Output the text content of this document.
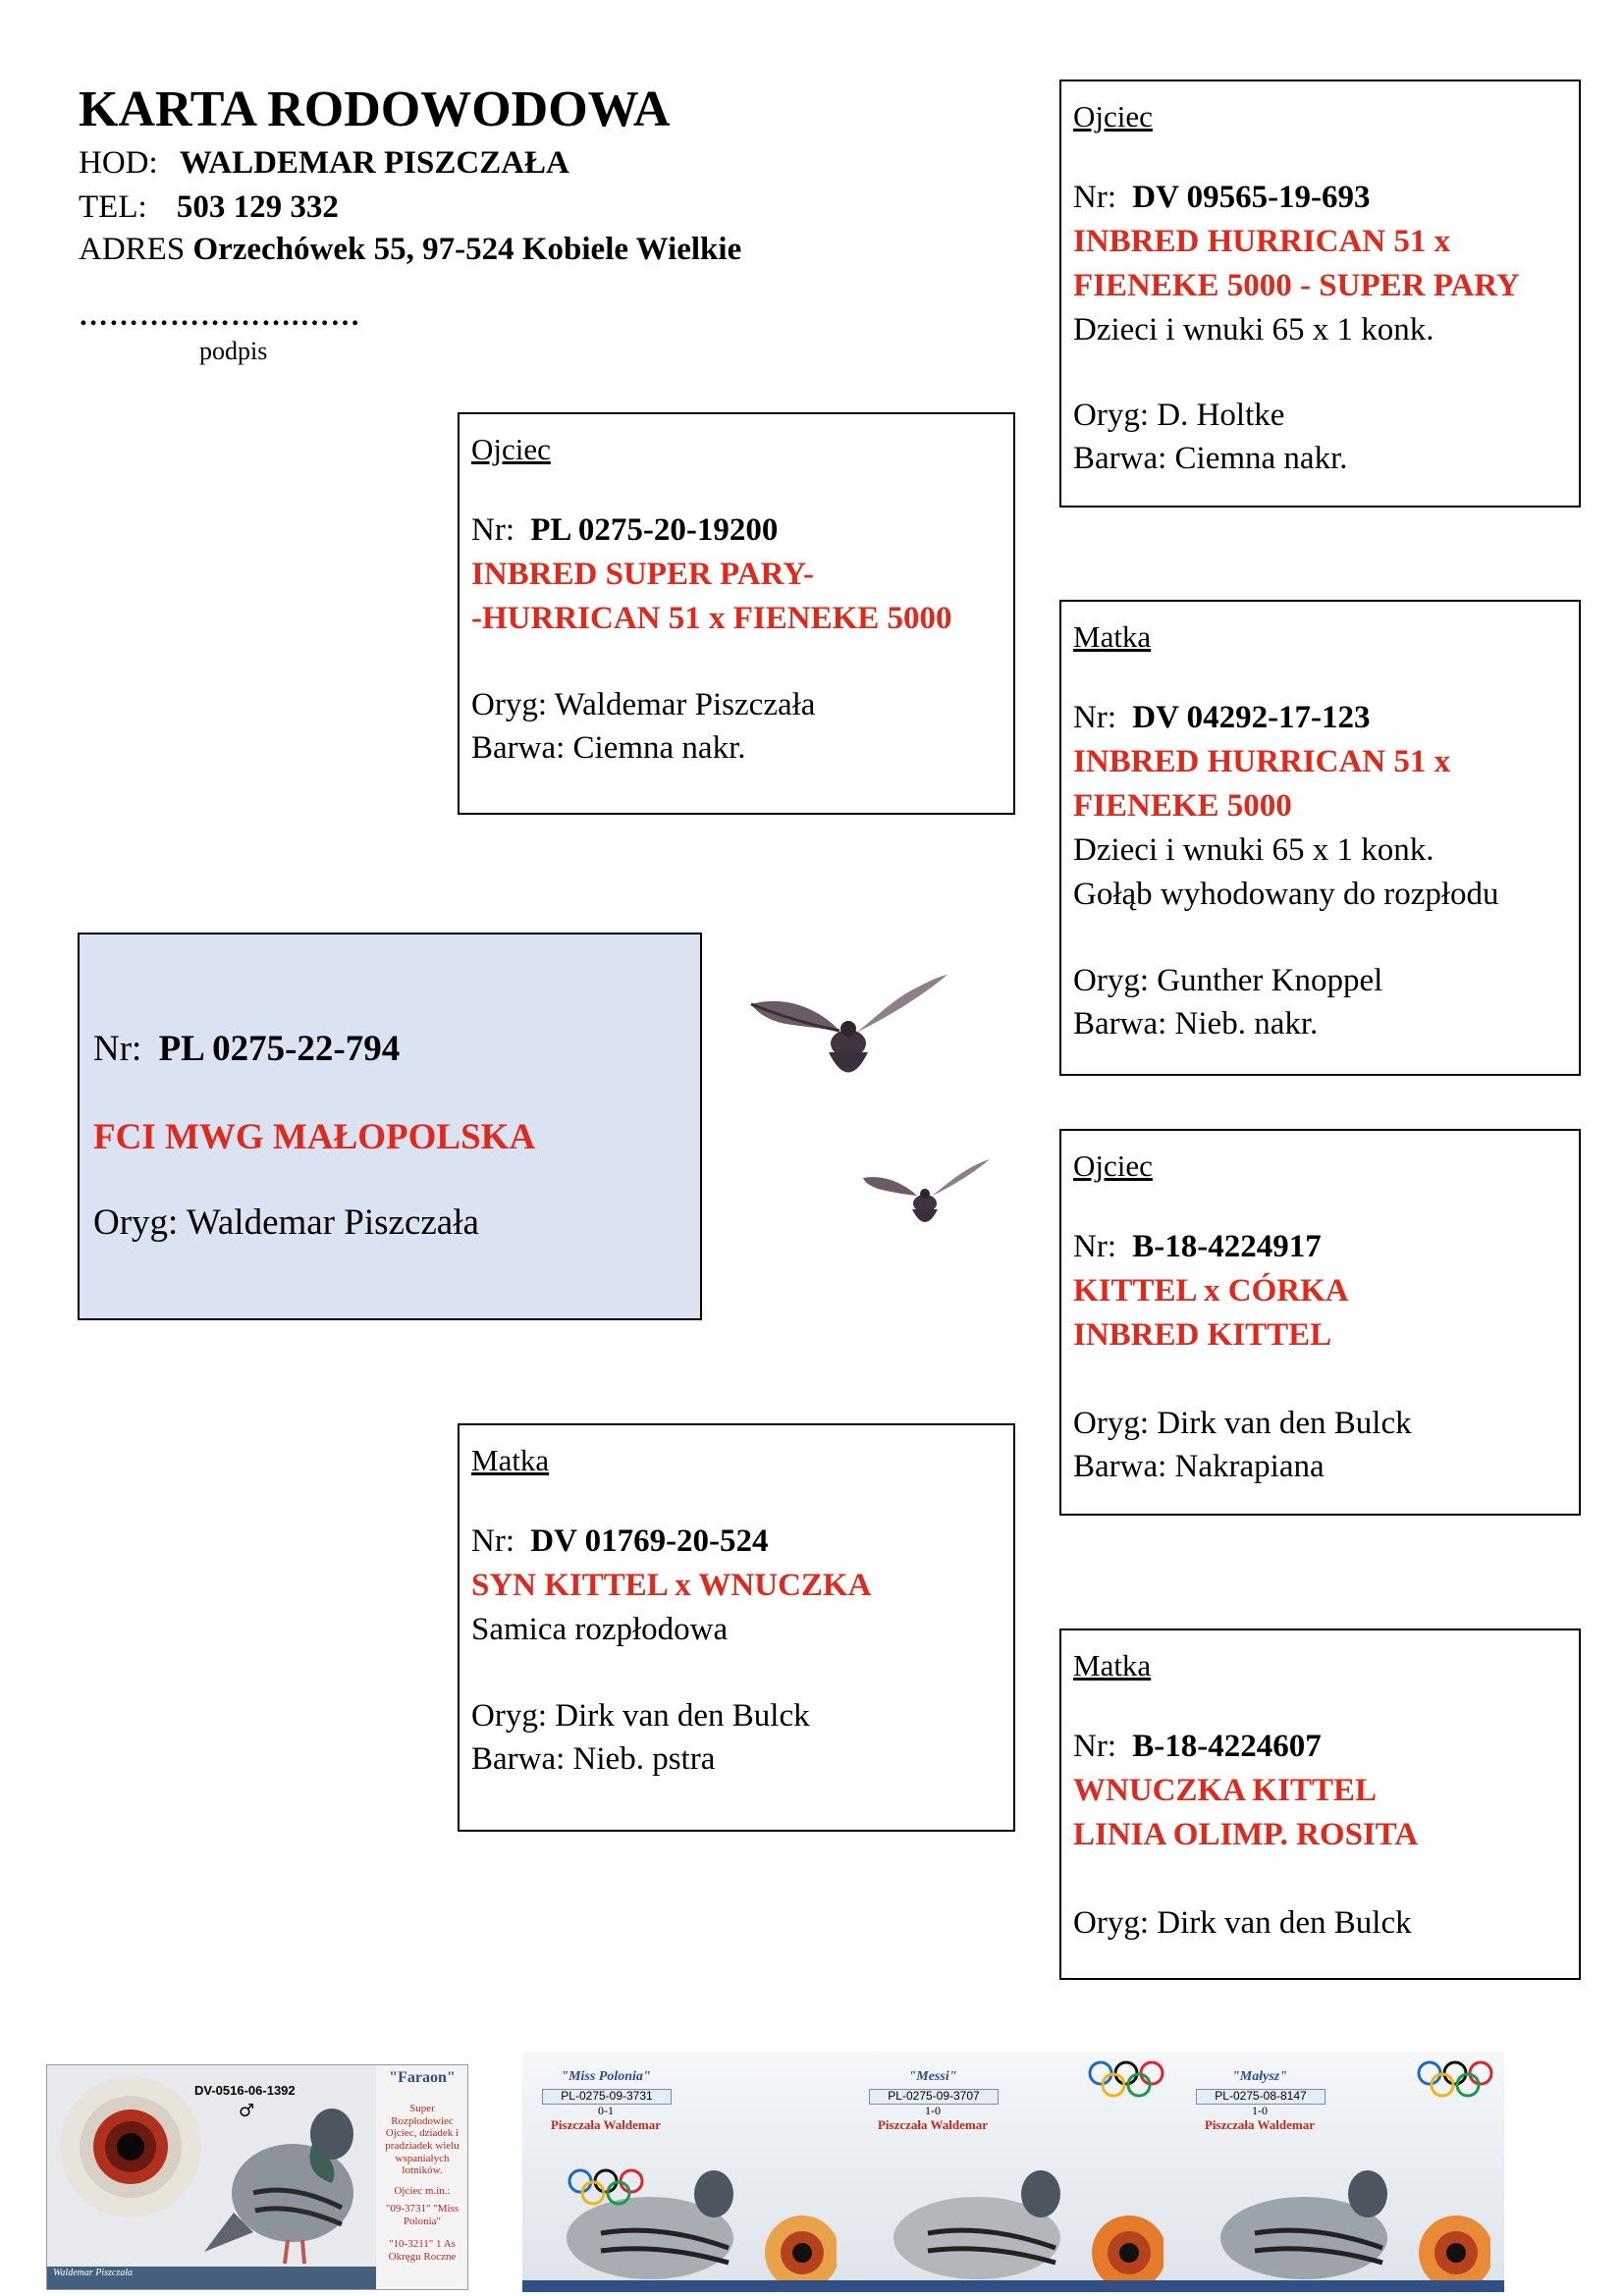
KARTA RODOWODOWA
HOD: WALDEMAR PISZCZAŁA
TEL: 503 129 332
ADRES Orzechówek 55, 97-524 Kobiele Wielkie
………………….……
podpis
Ojciec
Nr: DV 09565-19-693
INBRED HURRICAN 51 x
FIENEKE 5000 - SUPER PARY
Dzieci i wnuki 65 x 1 konk.
Oryg: D. Holtke
Barwa: Ciemna nakr.
Ojciec
Nr: PL 0275-20-19200
INBRED SUPER PARY-
-HURRICAN 51 x FIENEKE 5000
Oryg: Waldemar Piszczała
Barwa: Ciemna nakr.
Matka
Nr: DV 04292-17-123
INBRED HURRICAN 51 x
FIENEKE 5000
Dzieci i wnuki 65 x 1 konk.
Gołąb wyhodowany do rozpłodu
Oryg: Gunther Knoppel
Barwa: Nieb. nakr.
Nr: PL 0275-22-794
FCI MWG MAŁOPOLSKA
Oryg: Waldemar Piszczała
Ojciec
Nr: B-18-4224917
KITTEL x CÓRKA
INBRED KITTEL
Oryg: Dirk van den Bulck
Barwa: Nakrapiana
Matka
Nr: DV 01769-20-524
SYN KITTEL x WNUCZKA
Samica rozpłodowa
Oryg: Dirk van den Bulck
Barwa: Nieb. pstra
Matka
Nr: B-18-4224607
WNUCZKA KITTEL
LINIA OLIMP. ROSITA
Oryg: Dirk van den Bulck
DV-0516-06-1392
♂
Waldemar Piszczała
"Faraon"
Super Rozpłodowiec Ojciec, dziadek i pradziadek wielu wspaniałych lotników.
Ojciec m.in.:
"09-3731" "Miss Polonia"
"10-3211" 1 As Okręgu Roczne
"Miss Polonia"
PL-0275-09-3731
0-1
Piszczała Waldemar
"Messi"
PL-0275-09-3707
1-0
Piszczała Waldemar
"Małysz"
PL-0275-08-8147
1-0
Piszczała Waldemar
